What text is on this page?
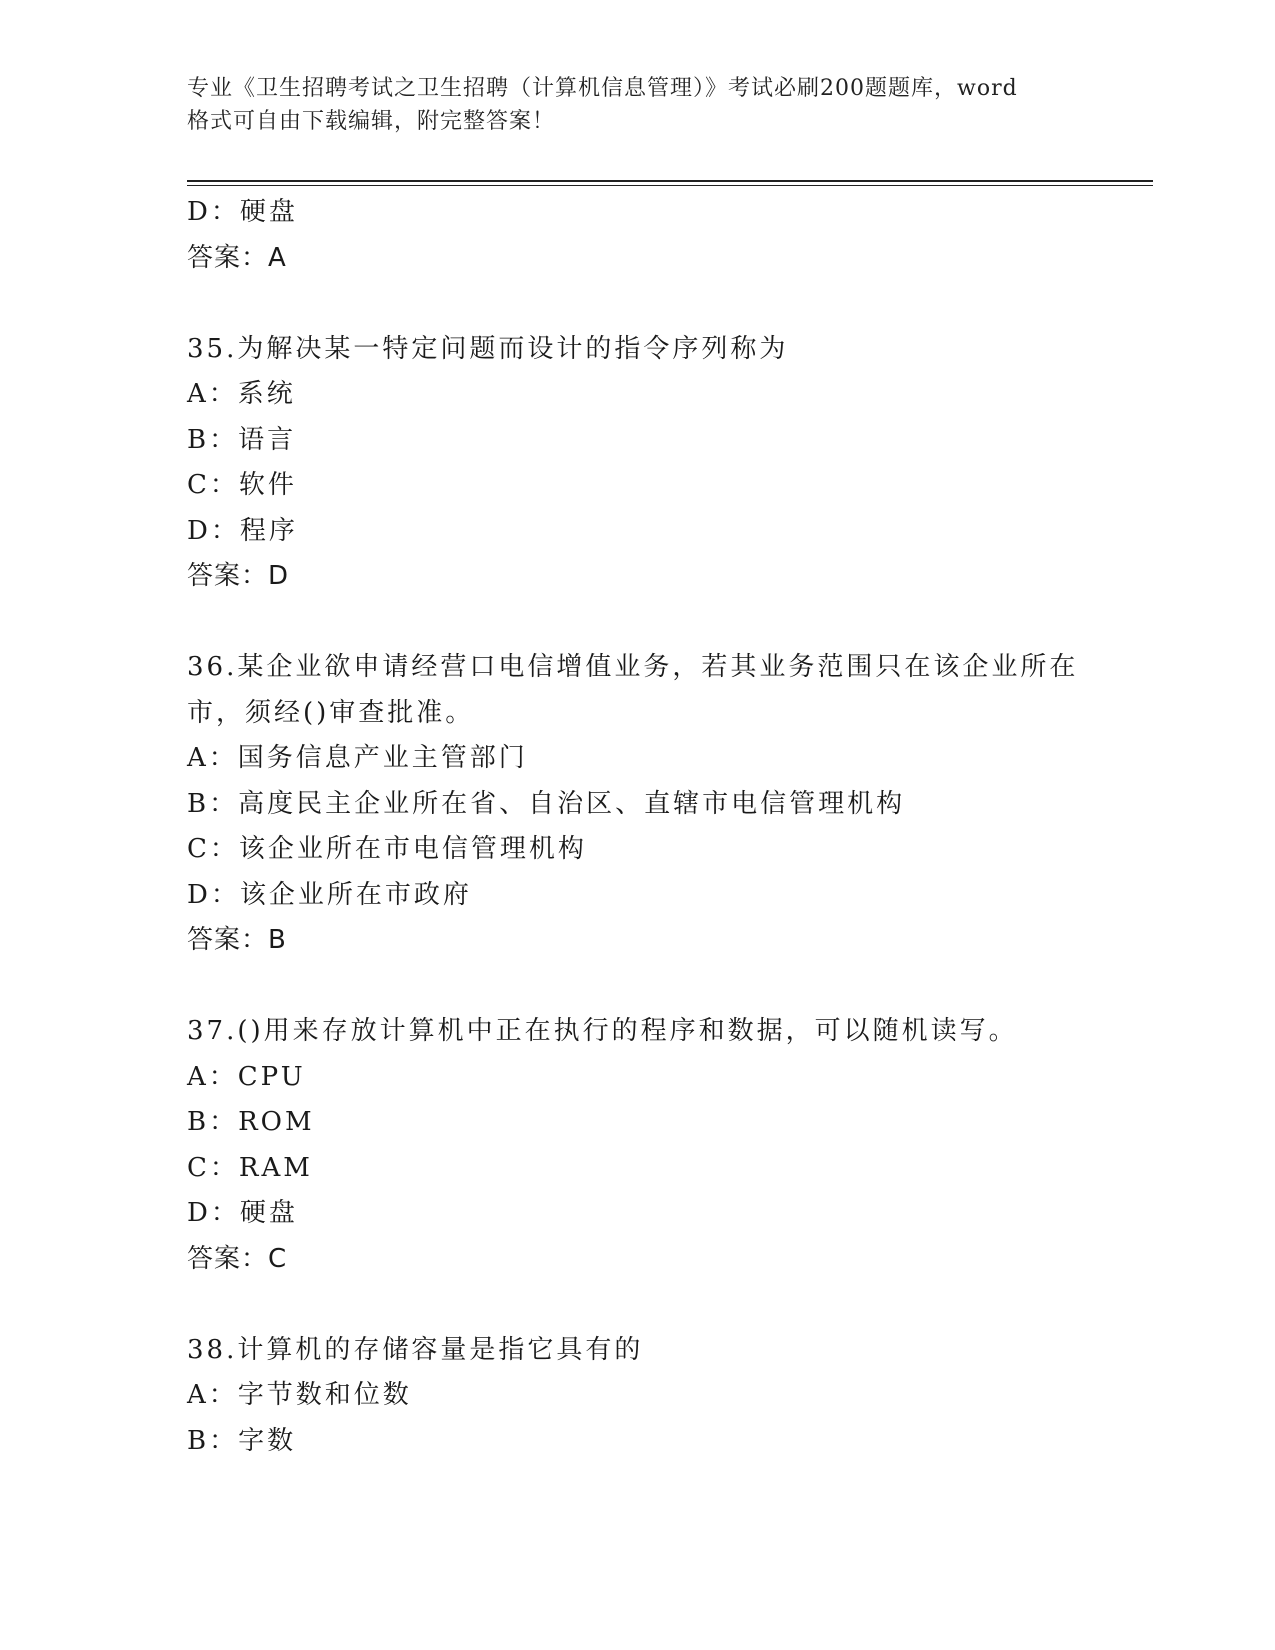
专业《卫生招聘考试之卫生招聘（计算机信息管理）》考试必刷200题题库，word
格式可自由下载编辑，附完整答案！
D：硬盘
答案：A
35.为解决某一特定问题而设计的指令序列称为
A：系统
B：语言
C：软件
D：程序
答案：D
36.某企业欲申请经营口电信增值业务，若其业务范围只在该企业所在
市，须经()审查批准。
A：国务信息产业主管部门
B：高度民主企业所在省、自治区、直辖市电信管理机构
C：该企业所在市电信管理机构
D：该企业所在市政府
答案：B
37.()用来存放计算机中正在执行的程序和数据，可以随机读写。
A：CPU
B：ROM
C：RAM
D：硬盘
答案：C
38.计算机的存储容量是指它具有的
A：字节数和位数
B：字数
